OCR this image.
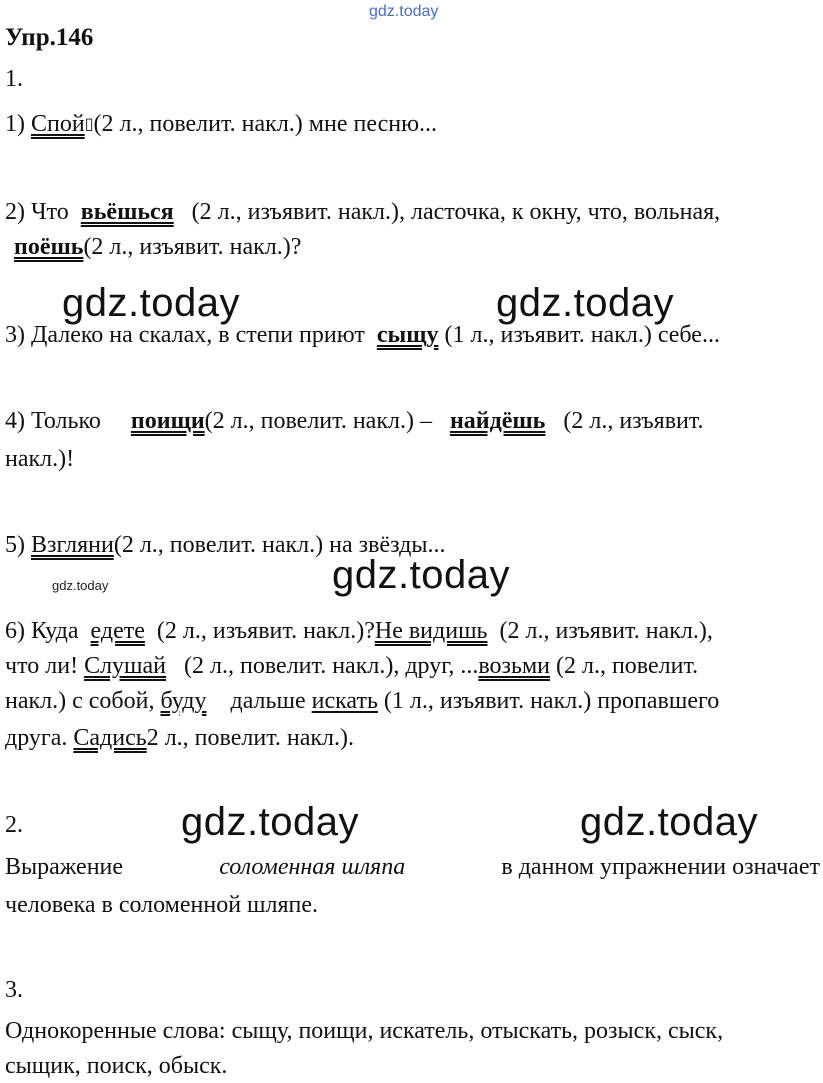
gdz.today
gdz.today	gdz.today
gdz.today	gdz.today
gdz.today	gdz.today
Упр.146
1.
1) Спой▯(2 л., повелит. накл.) мне песню...
2) Что вьёшься (2 л., изъявит. накл.), ласточка, к окну, что, вольная,
поёшь(2 л., изъявит. накл.)?
3) Далеко на скалах, в степи приют сыщу (1 л., изъявит. накл.) себе...
4) Только поищи(2 л., повелит. накл.) – найдёшь (2 л., изъявит.
накл.)!
5) Взгляни(2 л., повелит. накл.) на звёзды...
6) Куда едете (2 л., изъявит. накл.)?Не видишь (2 л., изъявит. накл.),
что ли! Слушай (2 л., повелит. накл.), друг, ...возьми (2 л., повелит.
накл.) с собой, буду дальше искать (1 л., изъявит. накл.) пропавшего
друга. Садись2 л., повелит. накл.).
2.
Выражение	соломенная шляпа	в данном упражнении означает
человека в соломенной шляпе.
3.
Однокоренные слова: сыщу, поищи, искатель, отыскать, розыск, сыск,
сыщик, поиск, обыск.
